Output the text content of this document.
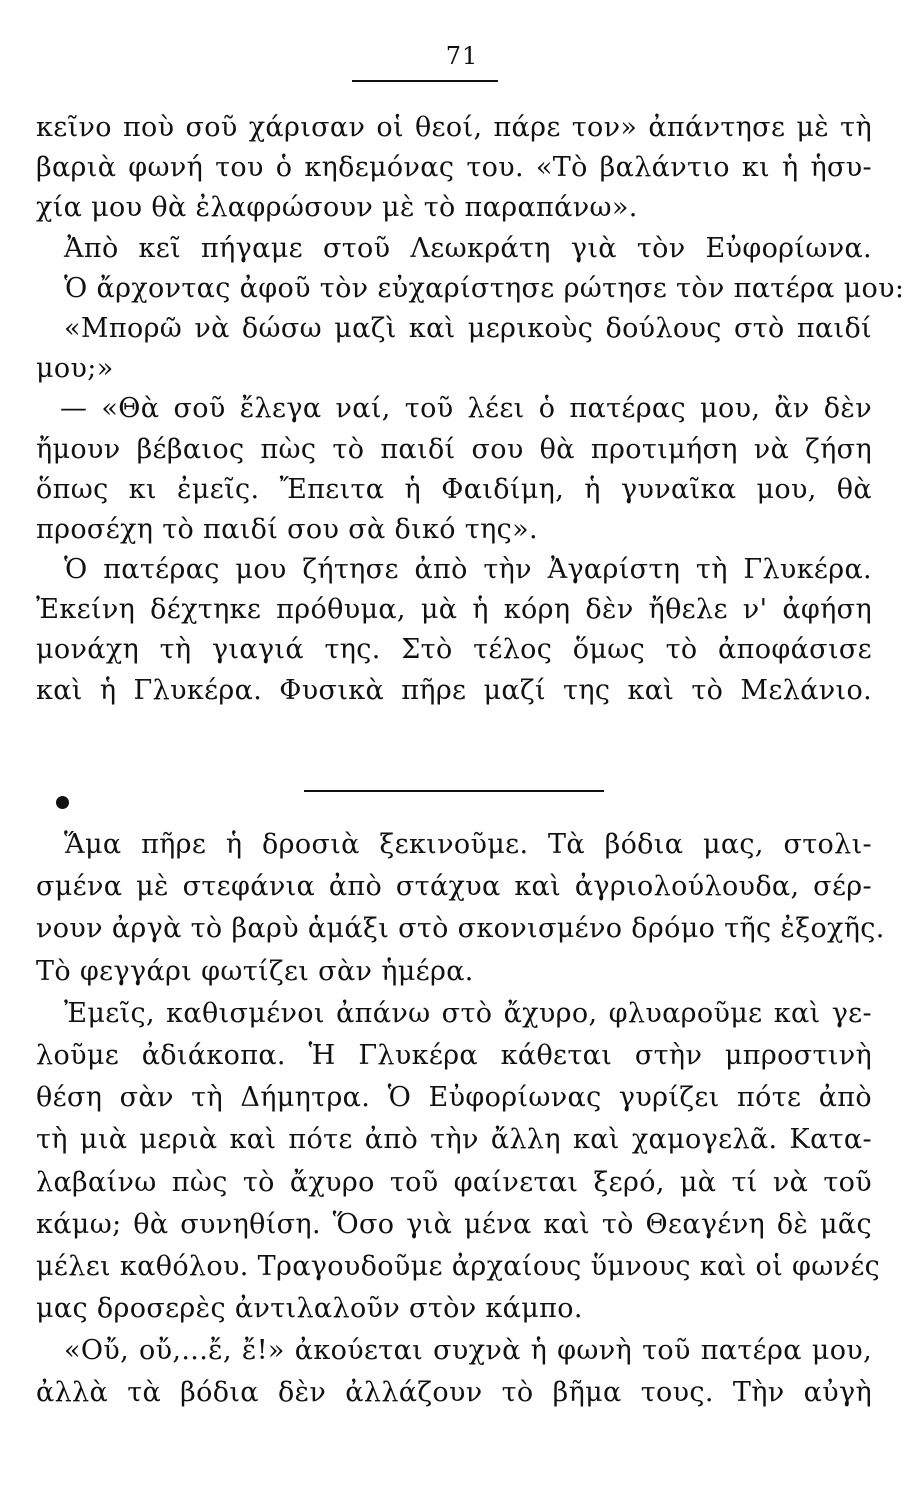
71
κεῖνο ποὺ σοῦ χάρισαν οἱ θεοί, πάρε τον» ἀπάντησε μὲ τὴ
βαριὰ φωνή του ὁ κηδεμόνας του. «Τὸ βαλάντιο κι ἡ ἡσυ-
χία μου θὰ ἐλαφρώσουν μὲ τὸ παραπάνω».
Ἀπὸ κεῖ πήγαμε στοῦ Λεωκράτη γιὰ τὸν Εὐφορίωνα.
Ὁ ἄρχοντας ἀφοῦ τὸν εὐχαρίστησε ρώτησε τὸν πατέρα μου:
«Μπορῶ νὰ δώσω μαζὶ καὶ μερικοὺς δούλους στὸ παιδί
μου;»
— «Θὰ σοῦ ἔλεγα ναί, τοῦ λέει ὁ πατέρας μου, ἂν δὲν
ἤμουν βέβαιος πὼς τὸ παιδί σου θὰ προτιμήση νὰ ζήση
ὅπως κι ἐμεῖς. Ἔπειτα ἡ Φαιδίμη, ἡ γυναῖκα μου, θὰ
προσέχη τὸ παιδί σου σὰ δικό της».
Ὁ πατέρας μου ζήτησε ἀπὸ τὴν Ἀγαρίστη τὴ Γλυκέρα.
Ἐκείνη δέχτηκε πρόθυμα, μὰ ἡ κόρη δὲν ἤθελε ν' ἀφήση
μονάχη τὴ γιαγιά της. Στὸ τέλος ὅμως τὸ ἀποφάσισε
καὶ ἡ Γλυκέρα. Φυσικὰ πῆρε μαζί της καὶ τὸ Μελάνιο.
Ἅμα πῆρε ἡ δροσιὰ ξεκινοῦμε. Τὰ βόδια μας, στολι-
σμένα μὲ στεφάνια ἀπὸ στάχυα καὶ ἀγριολούλουδα, σέρ-
νουν ἀργὰ τὸ βαρὺ ἁμάξι στὸ σκονισμένο δρόμο τῆς ἐξοχῆς.
Τὸ φεγγάρι φωτίζει σὰν ἡμέρα.
Ἐμεῖς, καθισμένοι ἀπάνω στὸ ἄχυρο, φλυαροῦμε καὶ γε-
λοῦμε ἀδιάκοπα. Ἡ Γλυκέρα κάθεται στὴν μπροστινὴ
θέση σὰν τὴ Δήμητρα. Ὁ Εὐφορίωνας γυρίζει πότε ἀπὸ
τὴ μιὰ μεριὰ καὶ πότε ἀπὸ τὴν ἄλλη καὶ χαμογελᾶ. Κατα-
λαβαίνω πὼς τὸ ἄχυρο τοῦ φαίνεται ξερό, μὰ τί νὰ τοῦ
κάμω; θὰ συνηθίση. Ὅσο γιὰ μένα καὶ τὸ Θεαγένη δὲ μᾶς
μέλει καθόλου. Τραγουδοῦμε ἀρχαίους ὕμνους καὶ οἱ φωνές
μας δροσερὲς ἀντιλαλοῦν στὸν κάμπο.
«Οὔ, οὔ,...ἔ, ἔ!» ἀκούεται συχνὰ ἡ φωνὴ τοῦ πατέρα μου,
ἀλλὰ τὰ βόδια δὲν ἀλλάζουν τὸ βῆμα τους. Τὴν αὐγὴ
